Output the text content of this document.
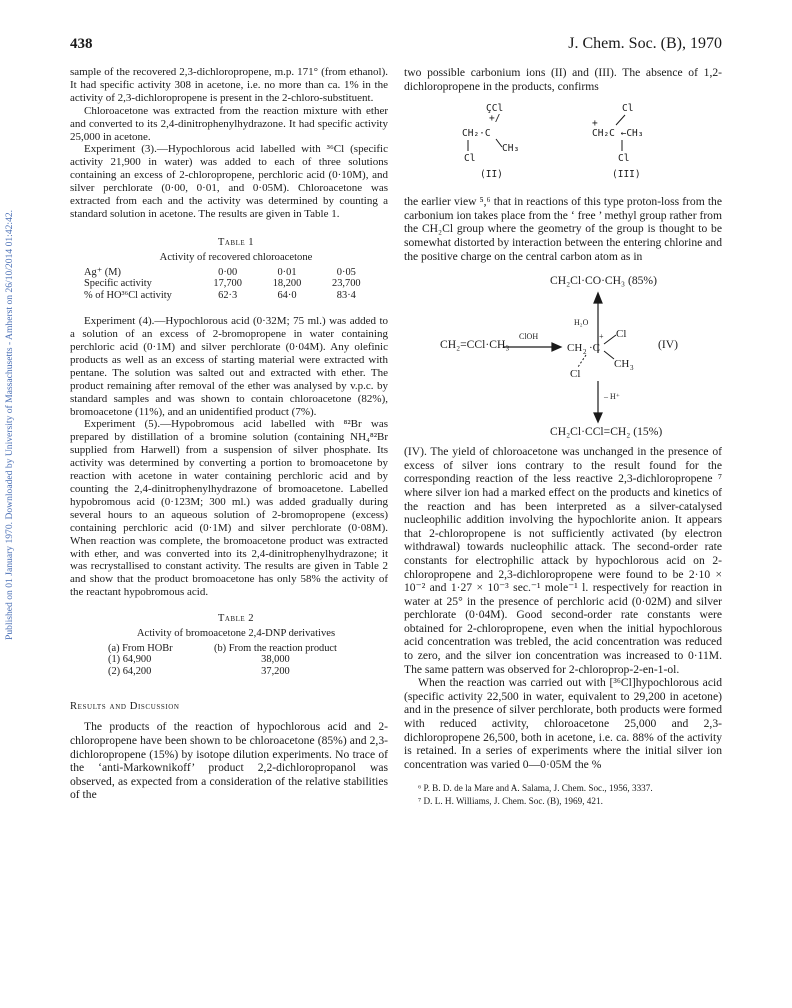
Published on 01 January 1970. Downloaded by University of Massachusetts - Amherst on 26/10/2014 01:42:42.
438	J. Chem. Soc. (B), 1970

sample of the recovered 2,3-dichloropropene, m.p. 171° (from ethanol). It had specific activity 308 in acetone, i.e. no more than ca. 1% in the activity of 2,3-dichloropropene is present in the 2-chloro-substituent.

Chloroacetone was extracted from the reaction mixture with ether and converted to its 2,4-dinitrophenylhydrazone. It had specific activity 25,000 in acetone.

Experiment (3).—Hypochlorous acid labelled with ³⁶Cl (specific activity 21,900 in water) was added to each of three solutions containing an excess of 2-chloropropene, perchloric acid (0·10M), and silver perchlorate (0·00, 0·01, and 0·05M). Chloroacetone was extracted from each and the activity was determined by counting a standard solution in acetone. The results are given in Table 1.

Table 1

Activity of recovered chloroacetone

Ag⁺ (M)	0·00	0·01	0·05
Specific activity	17,700	18,200	23,700
% of HO³⁶Cl activity	62·3	64·0	83·4

Experiment (4).—Hypochlorous acid (0·32M; 75 ml.) was added to a solution of an excess of 2-bromopropene in water containing perchloric acid (0·1M) and silver perchlorate (0·04M). Any olefinic products as well as an excess of starting material were extracted with pentane. The solution was salted out and extracted with ether. The product remaining after removal of the ether was analysed by v.p.c. by standard samples and was shown to contain chloroacetone (82%), bromoacetone (11%), and an unidentified product (7%).

Experiment (5).—Hypobromous acid labelled with ⁸²Br was prepared by distillation of a bromine solution (containing NH₄⁸²Br supplied from Harwell) from a suspension of silver phosphate. Its activity was determined by converting a portion to bromoacetone by reaction with acetone in water containing perchloric acid and by counting the 2,4-dinitrophenylhydrazone of bromoacetone. Labelled hypobromous acid (0·123M; 300 ml.) was added gradually during several hours to an aqueous solution of 2-bromopropene (excess) containing perchloric acid (0·1M) and silver perchlorate (0·08M). When reaction was complete, the bromoacetone product was extracted with ether, and was converted into its 2,4-dinitrophenylhydrazone; it was recrystallised to constant activity. The results are given in Table 2 and show that the product bromoacetone has only 58% the activity of the reactant hypobromous acid.

Table 2

Activity of bromoacetone 2,4-DNP derivatives

(a) From HOBr	(b) From the reaction product
(1) 64,900	38,000
(2) 64,200	37,200

Results and Discussion

The products of the reaction of hypochlorous acid and 2-chloropropene have been shown to be chloroacetone (85%) and 2,3-dichloropropene (15%) by isotope dilution experiments. No trace of the ‘anti-Markownikoff’ product 2,2-dichloropropanol was observed, as expected from a consideration of the relative stabilities of the

two possible carbonium ions (II) and (III). The absence of 1,2-dichloropropene in the products, confirms

ÇCl
+/
CH₂·C
CH₃
Cl
Cl
+
CH₂C ←CH₃
Cl
(II)	(III)

the earlier view ⁵,⁶ that in reactions of this type proton-loss from the carbonium ion takes place from the ‘ free ’ methyl group rather from the CH₂Cl group where the geometry of the group is thought to be somewhat distorted by interaction between the entering chlorine and the positive charge on the central carbon atom as in

CH 2 ·C
+ Cl
CH 3
Cl
CH₂Cl·CO·CH₃ (85%)
H₂O
CH₂=CCl·CH₃
ClOH
(IV)
– H⁺
CH₂Cl·CCl=CH₂ (15%)

(IV). The yield of chloroacetone was unchanged in the presence of excess of silver ions contrary to the result found for the corresponding reaction of the less reactive 2,3-dichloropropene ⁷ where silver ion had a marked effect on the products and kinetics of the reaction and has been interpreted as a silver-catalysed nucleophilic addition involving the hypochlorite anion. It appears that 2-chloropropene is not sufficiently activated (by electron withdrawal) towards nucleophilic attack. The second-order rate constants for electrophilic attack by hypochlorous acid on 2-chloropropene and 2,3-dichloropropene were found to be 2·10 × 10⁻² and 1·27 × 10⁻³ sec.⁻¹ mole⁻¹ l. respectively for reaction in water at 25° in the presence of perchloric acid (0·02M) and silver perchlorate (0·04M). Good second-order rate constants were obtained for 2-chloropropene, even when the initial hypochlorous acid concentration was trebled, the acid concentration was reduced to zero, and the silver ion concentration was increased to 0·11M. The same pattern was observed for 2-chloroprop-2-en-1-ol.

When the reaction was carried out with [³⁶Cl]hypochlorous acid (specific activity 22,500 in water, equivalent to 29,200 in acetone) and in the presence of silver perchlorate, both products were formed with reduced activity, chloroacetone 25,000 and 2,3-dichloropropene 26,500, both in acetone, i.e. ca. 88% of the activity is retained. In a series of experiments where the initial silver ion concentration was varied 0—0·05M the %

⁶ P. B. D. de la Mare and A. Salama, J. Chem. Soc., 1956, 3337.

⁷ D. L. H. Williams, J. Chem. Soc. (B), 1969, 421.
